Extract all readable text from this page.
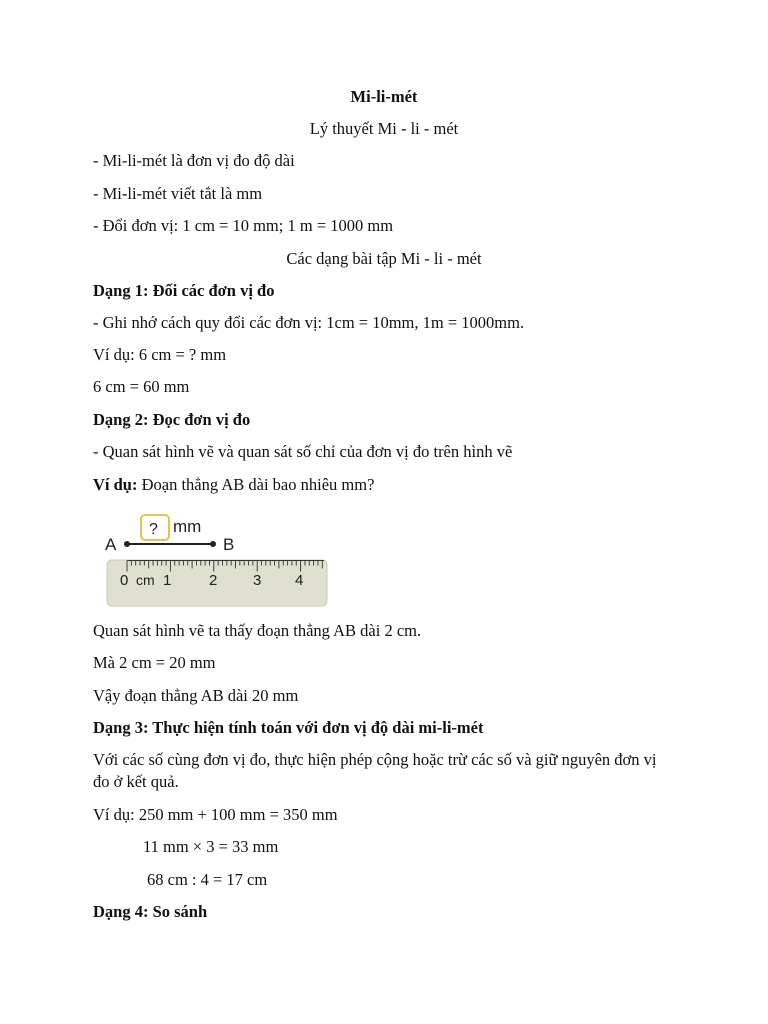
Mi-li-mét
Lý thuyết Mi - li - mét
- Mi-li-mét là đơn vị đo độ dài
- Mi-li-mét viết tắt là mm
- Đổi đơn vị: 1 cm = 10 mm; 1 m = 1000 mm
Các dạng bài tập Mi - li - mét
Dạng 1: Đối các đơn vị đo
- Ghi nhớ cách quy đổi các đơn vị: 1cm = 10mm, 1m = 1000mm.
Ví dụ: 6 cm = ? mm
6 cm = 60 mm
Dạng 2: Đọc đơn vị đo
- Quan sát hình vẽ và quan sát số chỉ của đơn vị đo trên hình vẽ
Ví dụ: Đoạn thẳng AB dài bao nhiêu mm?
0 cm 1	2 3 4
A	B
? mm
Quan sát hình vẽ ta thấy đoạn thẳng AB dài 2 cm.
Mà 2 cm = 20 mm
Vậy đoạn thẳng AB dài 20 mm
Dạng 3: Thực hiện tính toán với đơn vị độ dài mi-li-mét
Với các số cùng đơn vị đo, thực hiện phép cộng hoặc trừ các số và giữ nguyên đơn vị đo ở kết quả.
Ví dụ: 250 mm + 100 mm = 350 mm
11 mm × 3 = 33 mm
68 cm : 4 = 17 cm
Dạng 4: So sánh
